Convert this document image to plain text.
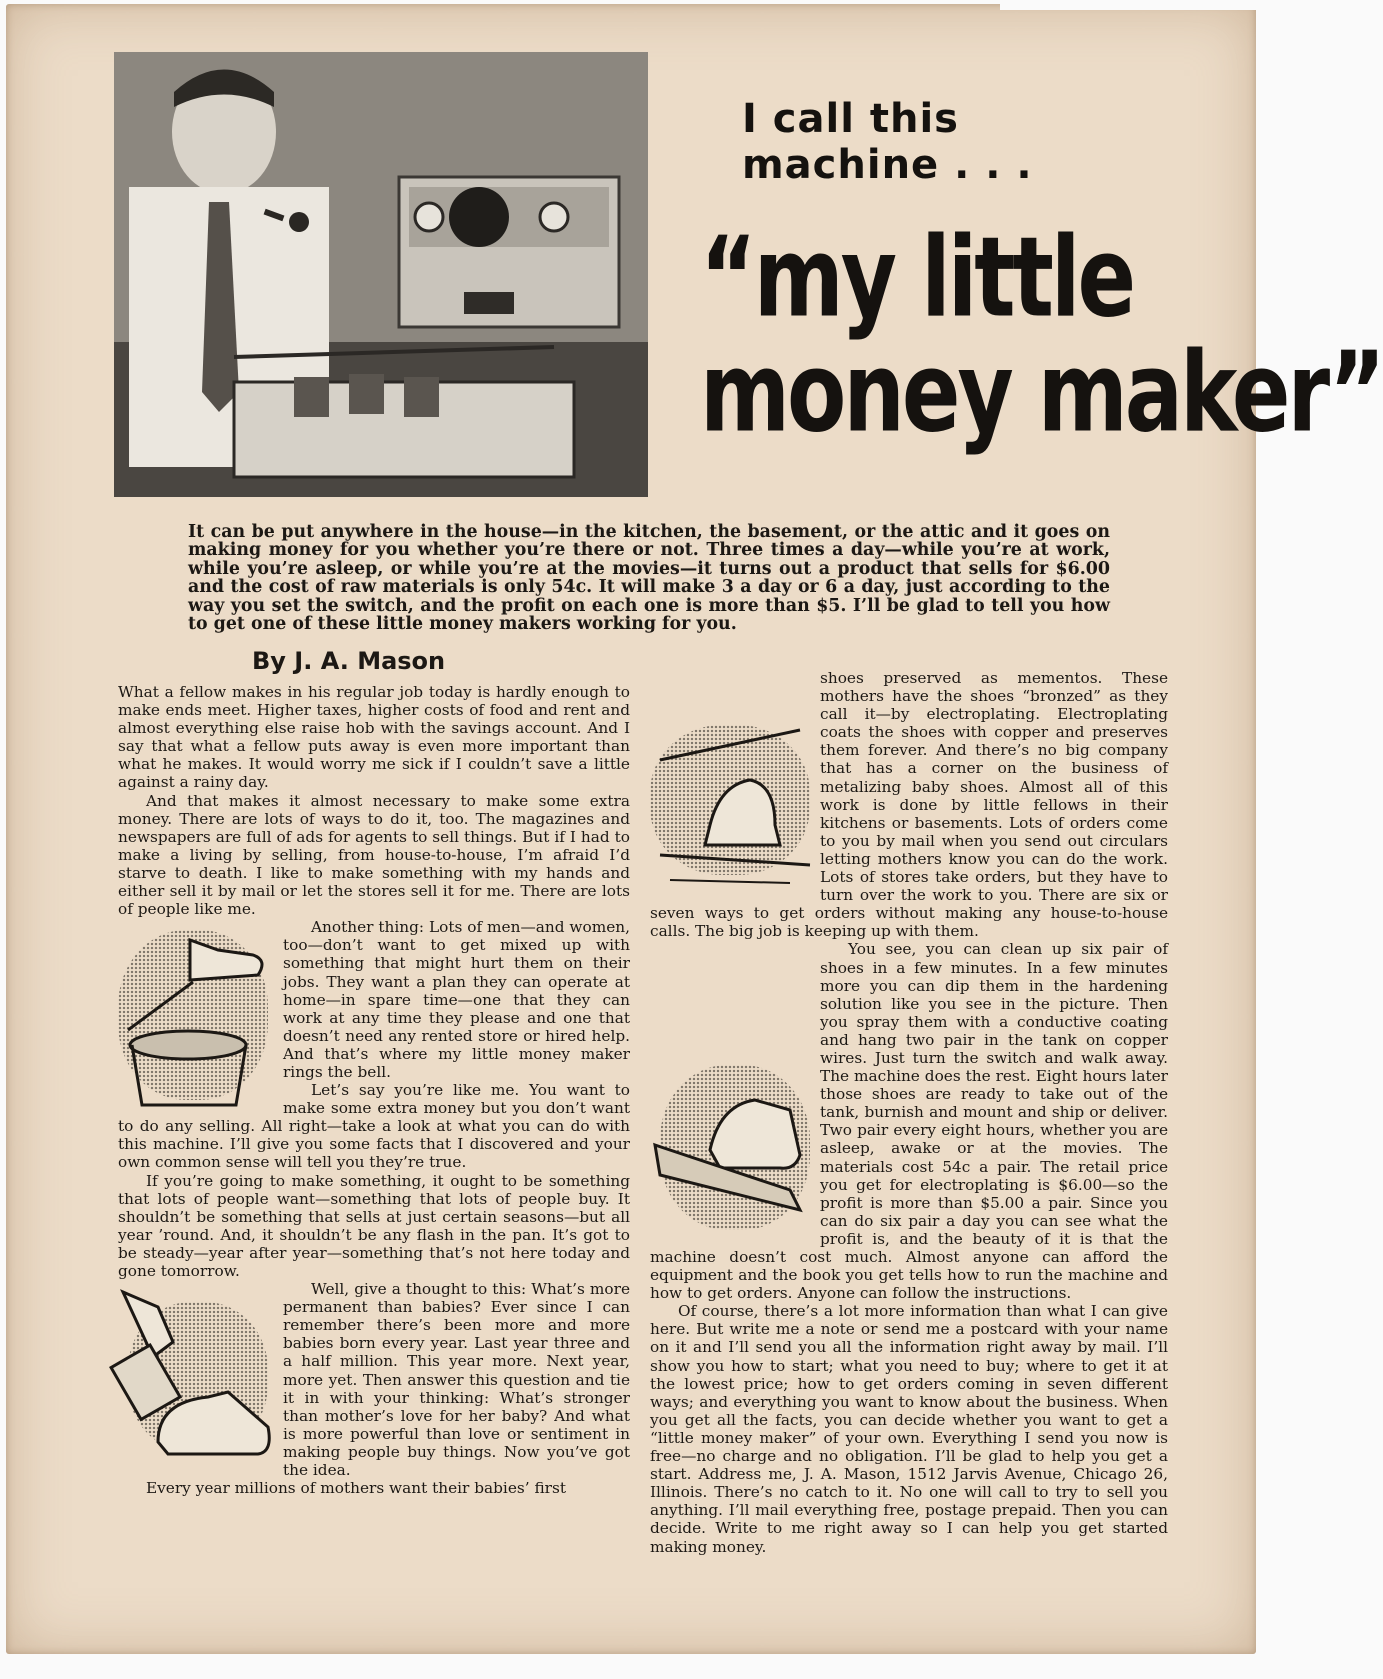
I call this
machine . . .
“my little
money maker”
It can be put anywhere in the house—in the kitchen, the basement, or the attic and it goes on making money for you whether you’re there or not. Three times a day—while you’re at work, while you’re asleep, or while you’re at the movies—it turns out a product that sells for $6.00 and the cost of raw materials is only 54c. It will make 3 a day or 6 a day, just according to the way you set the switch, and the profit on each one is more than $5. I’ll be glad to tell you how to get one of these little money makers working for you.
By J. A. Mason

What a fellow makes in his regular job today is hardly enough to make ends meet. Higher taxes, higher costs of food and rent and almost everything else raise hob with the savings account. And I say that what a fellow puts away is even more important than what he makes. It would worry me sick if I couldn’t save a little against a rainy day.

And that makes it almost necessary to make some extra money. There are lots of ways to do it, too. The magazines and newspapers are full of ads for agents to sell things. But if I had to make a living by selling, from house-to-house, I’m afraid I’d starve to death. I like to make something with my hands and either sell it by mail or let the stores sell it for me. There are lots of people like me.

Another thing: Lots of men—and women, too—don’t want to get mixed up with something that might hurt them on their jobs. They want a plan they can operate at home—in spare time—one that they can work at any time they please and one that doesn’t need any rented store or hired help. And that’s where my little money maker rings the bell.

Let’s say you’re like me. You want to make some extra money but you don’t want to do any selling. All right—take a look at what you can do with this machine. I’ll give you some facts that I discovered and your own common sense will tell you they’re true.

If you’re going to make something, it ought to be something that lots of people want—something that lots of people buy. It shouldn’t be something that sells at just certain seasons—but all year ’round. And, it shouldn’t be any flash in the pan. It’s got to be steady—year after year—something that’s not here today and gone tomorrow.

Well, give a thought to this: What’s more permanent than babies? Ever since I can remember there’s been more and more babies born every year. Last year three and a half million. This year more. Next year, more yet. Then answer this question and tie it in with your thinking: What’s stronger than mother’s love for her baby? And what is more powerful than love or sentiment in making people buy things. Now you’ve got the idea.

Every year millions of mothers want their babies’ first

shoes preserved as mementos. These mothers have the shoes “bronzed” as they call it—by electroplating. Electroplating coats the shoes with copper and preserves them forever. And there’s no big company that has a corner on the business of metalizing baby shoes. Almost all of this work is done by little fellows in their kitchens or basements. Lots of orders come to you by mail when you send out circulars letting mothers know you can do the work. Lots of stores take orders, but they have to turn over the work to you. There are six or seven ways to get orders without making any house-to-house calls. The big job is keeping up with them.

You see, you can clean up six pair of shoes in a few minutes. In a few minutes more you can dip them in the hardening solution like you see in the picture. Then you spray them with a conductive coating and hang two pair in the tank on copper wires. Just turn the switch and walk away. The machine does the rest. Eight hours later those shoes are ready to take out of the tank, burnish and mount and ship or deliver. Two pair every eight hours, whether you are asleep, awake or at the movies. The materials cost 54c a pair. The retail price you get for electroplating is $6.00—so the profit is more than $5.00 a pair. Since you can do six pair a day you can see what the profit is, and the beauty of it is that the machine doesn’t cost much. Almost anyone can afford the equipment and the book you get tells how to run the machine and how to get orders. Anyone can follow the instructions.

Of course, there’s a lot more information than what I can give here. But write me a note or send me a postcard with your name on it and I’ll send you all the information right away by mail. I’ll show you how to start; what you need to buy; where to get it at the lowest price; how to get orders coming in seven different ways; and everything you want to know about the business. When you get all the facts, you can decide whether you want to get a “little money maker” of your own. Everything I send you now is free—no charge and no obligation. I’ll be glad to help you get a start. Address me, J. A. Mason, 1512 Jarvis Avenue, Chicago 26, Illinois. There’s no catch to it. No one will call to try to sell you anything. I’ll mail everything free, postage prepaid. Then you can decide. Write to me right away so I can help you get started making money.
